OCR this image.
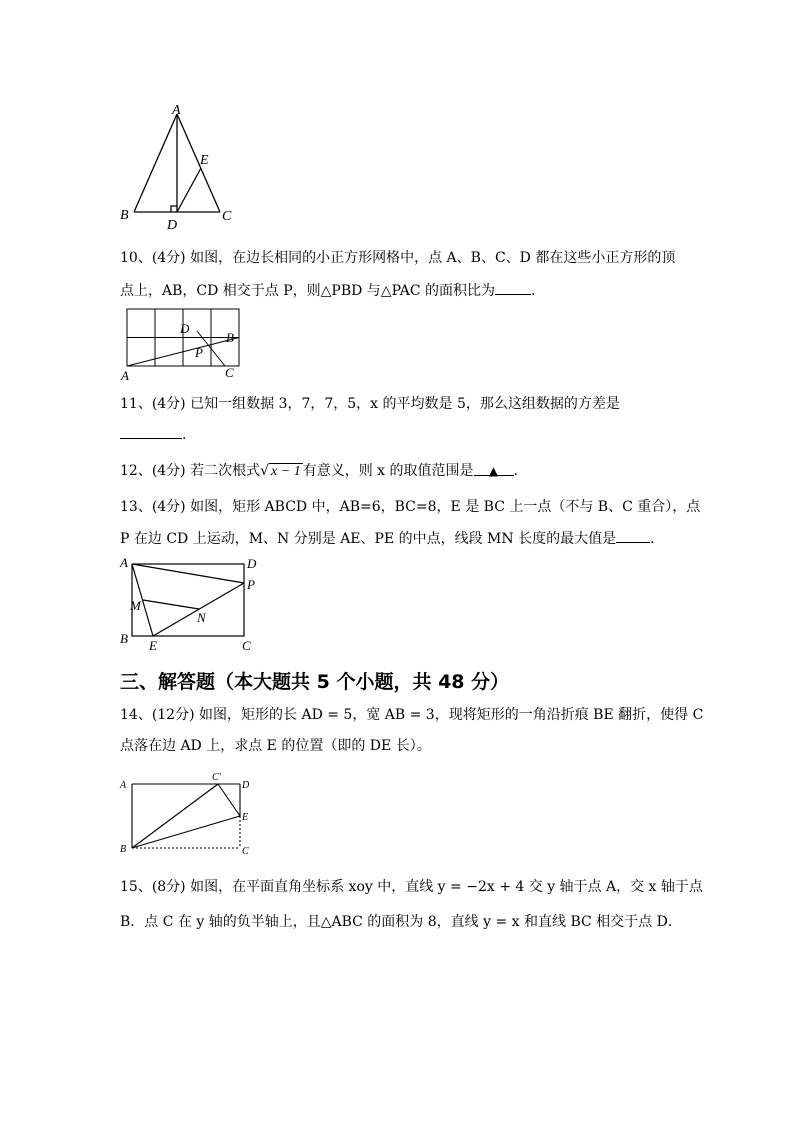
A
B	C
D
E
10、(4分) 如图，在边长相同的小正方形网格中，点 A、B、C、D 都在这些小正方形的顶
点上，AB，CD 相交于点 P，则△PBD 与△PAC 的面积比为	.
A
B
C
D
P
11、(4分) 已知一组数据 3，7，7，5，x 的平均数是 5，那么这组数据的方差是
.
12、(4分) 若二次根式√ x − 1 有意义，则 x 的取值范围是 ▲ .
13、(4分) 如图，矩形 ABCD 中，AB=6，BC=8，E 是 BC 上一点（不与 B、C 重合），点
P 在边 CD 上运动，M、N 分别是 AE、PE 的中点，线段 MN 长度的最大值是 .
A	D
B	C
E
P
M
N
三、解答题（本大题共 5 个小题，共 48 分）
14、(12分) 如图，矩形的长 AD = 5，宽 AB = 3，现将矩形的一角沿折痕 BE 翻折，使得 C
点落在边 AD 上，求点 E 的位置（即的 DE 长）。
A
B	C
C'
D
E
15、(8分) 如图，在平面直角坐标系 xoy 中，直线 y = −2x + 4 交 y 轴于点 A，交 x 轴于点
B．点 C 在 y 轴的负半轴上，且△ABC 的面积为 8，直线 y = x 和直线 BC 相交于点 D．
